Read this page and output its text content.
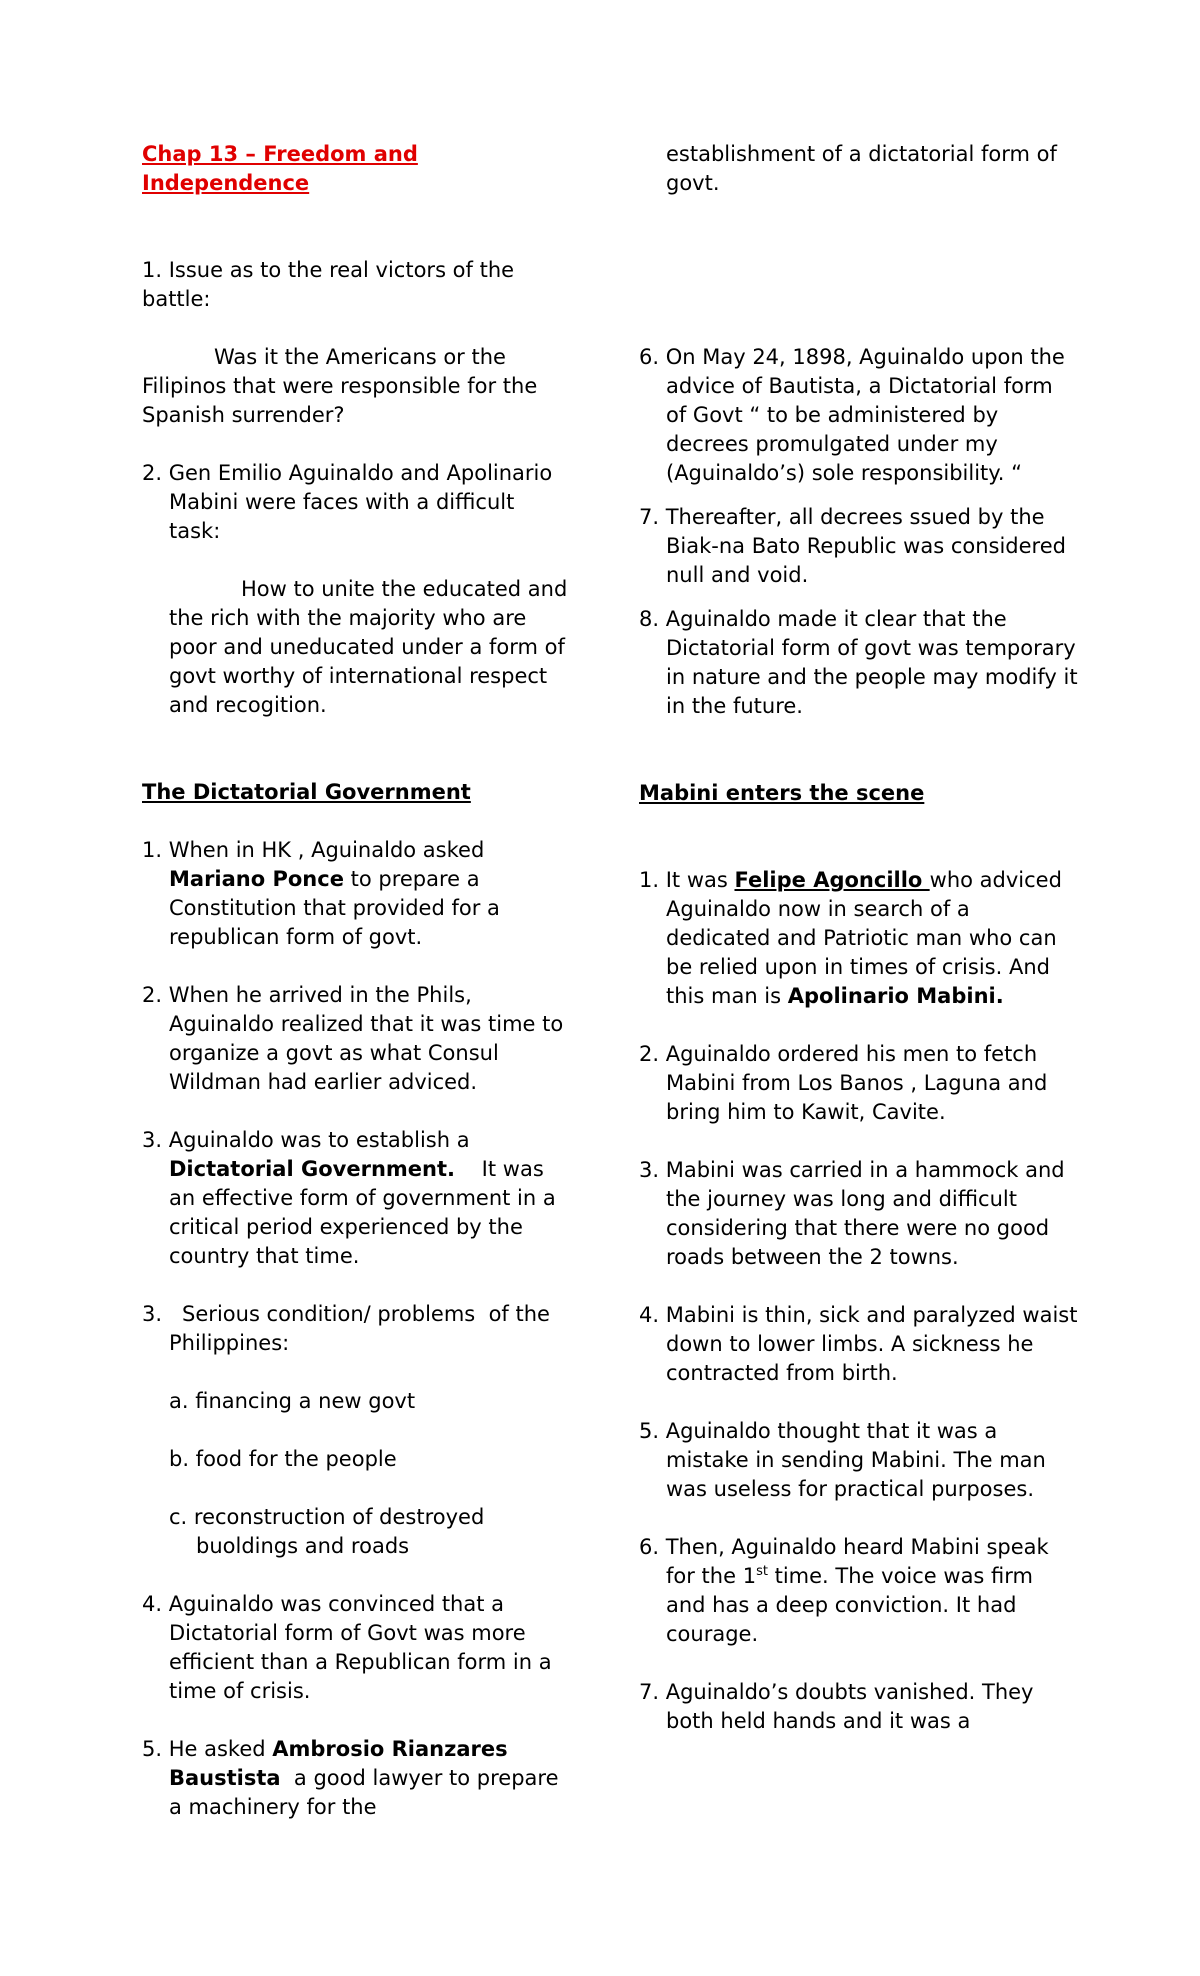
Chap 13 – Freedom and
Independence

1. Issue as to the real victors of the battle:

Was it the Americans or the Filipinos that were responsible for the Spanish surrender?

2. Gen Emilio Aguinaldo and Apolinario Mabini were faces with a difficult task:

How to unite the educated and the rich with the majority who are poor and uneducated under a form of govt worthy of international respect and recogition.

The Dictatorial Government

1. When in HK , Aguinaldo asked Mariano Ponce to prepare a Constitution that provided for a republican form of govt.

2. When he arrived in the Phils, Aguinaldo realized that it was time to organize a govt as what Consul Wildman had earlier adviced.

3. Aguinaldo was to establish a Dictatorial Government.    It was an effective form of government in a critical period experienced by the country that time.

3.   Serious condition/ problems  of the Philippines:

a. financing a new govt

b. food for the people

c. reconstruction of destroyed buoldings and roads

4. Aguinaldo was convinced that a Dictatorial form of Govt was more efficient than a Republican form in a time of crisis.

5. He asked Ambrosio Rianzares Baustista  a good lawyer to prepare a machinery for the

establishment of a dictatorial form of govt.

6. On May 24, 1898, Aguinaldo upon the advice of Bautista, a Dictatorial form of Govt “ to be administered by decrees promulgated under my (Aguinaldo’s) sole responsibility. “

7. Thereafter, all decrees ssued by the Biak-na Bato Republic was considered null and void.

8. Aguinaldo made it clear that the Dictatorial form of govt was temporary in nature and the people may modify it in the future.

Mabini enters the scene

1. It was Felipe Agoncillo who adviced Aguinaldo now in search of a dedicated and Patriotic man who can be relied upon in times of crisis. And this man is Apolinario Mabini.

2. Aguinaldo ordered his men to fetch Mabini from Los Banos , Laguna and bring him to Kawit, Cavite.

3. Mabini was carried in a hammock and the journey was long and difficult considering that there were no good roads between the 2 towns.

4. Mabini is thin, sick and paralyzed waist down to lower limbs. A sickness he contracted from birth.

5. Aguinaldo thought that it was a mistake in sending Mabini. The man was useless for practical purposes.

6. Then, Aguinaldo heard Mabini speak for the 1st time. The voice was firm and has a deep conviction. It had courage.

7. Aguinaldo’s doubts vanished. They both held hands and it was a
